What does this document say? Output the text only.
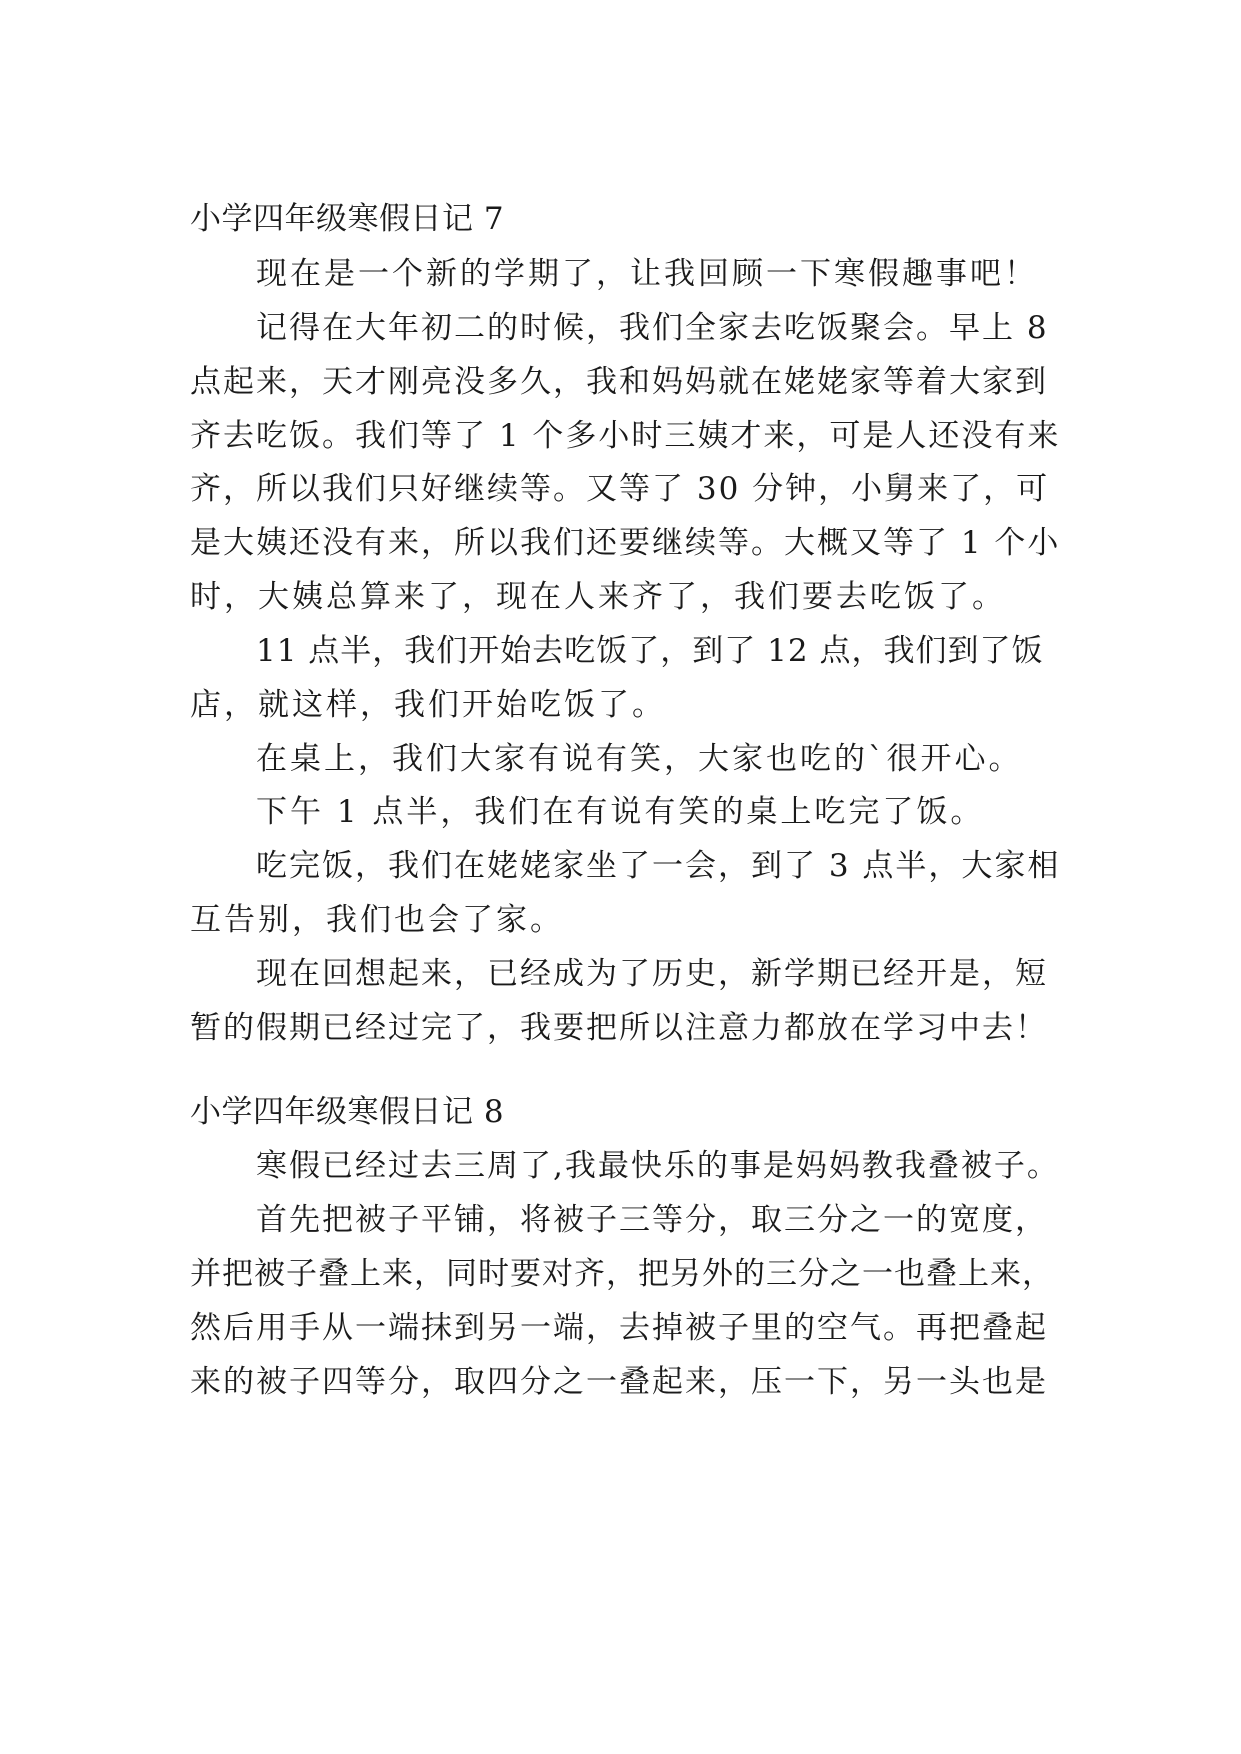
小学四年级寒假日记 7
现在是一个新的学期了，让我回顾一下寒假趣事吧！
记得在大年初二的时候，我们全家去吃饭聚会。早上 8
点起来，天才刚亮没多久，我和妈妈就在姥姥家等着大家到
齐去吃饭。我们等了 1 个多小时三姨才来，可是人还没有来
齐，所以我们只好继续等。又等了 30 分钟，小舅来了，可
是大姨还没有来，所以我们还要继续等。大概又等了 1 个小
时，大姨总算来了，现在人来齐了，我们要去吃饭了。
11 点半，我们开始去吃饭了，到了 12 点，我们到了饭
店，就这样，我们开始吃饭了。
在桌上，我们大家有说有笑，大家也吃的`很开心。
下午 1 点半，我们在有说有笑的桌上吃完了饭。
吃完饭，我们在姥姥家坐了一会，到了 3 点半，大家相
互告别，我们也会了家。
现在回想起来，已经成为了历史，新学期已经开是，短
暂的假期已经过完了，我要把所以注意力都放在学习中去！
小学四年级寒假日记 8
寒假已经过去三周了,我最快乐的事是妈妈教我叠被子。
首先把被子平铺，将被子三等分，取三分之一的宽度，
并把被子叠上来，同时要对齐，把另外的三分之一也叠上来，
然后用手从一端抹到另一端，去掉被子里的空气。再把叠起
来的被子四等分，取四分之一叠起来，压一下，另一头也是
